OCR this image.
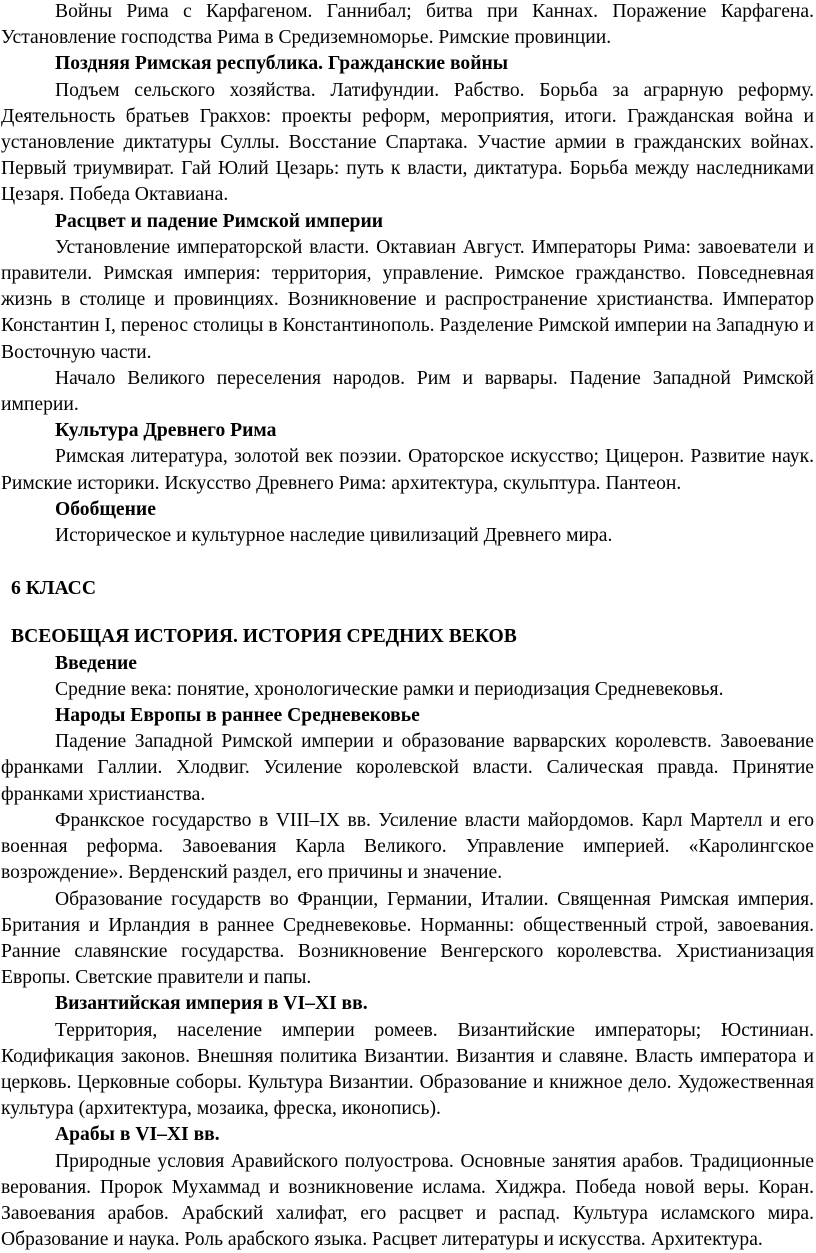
Войны Рима с Карфагеном. Ганнибал; битва при Каннах. Поражение Карфагена. Установление господства Рима в Средиземноморье. Римские провинции.

Поздняя Римская республика. Гражданские войны

Подъем сельского хозяйства. Латифундии. Рабство. Борьба за аграрную реформу. Деятельность братьев Гракхов: проекты реформ, мероприятия, итоги. Гражданская война и установление диктатуры Суллы. Восстание Спартака. Участие армии в гражданских войнах. Первый триумвират. Гай Юлий Цезарь: путь к власти, диктатура. Борьба между наследниками Цезаря. Победа Октавиана.

Расцвет и падение Римской империи

Установление императорской власти. Октавиан Август. Императоры Рима: завоеватели и правители. Римская империя: территория, управление. Римское гражданство. Повседневная жизнь в столице и провинциях. Возникновение и распространение христианства. Император Константин I, перенос столицы в Константинополь. Разделение Римской империи на Западную и Восточную части.

Начало Великого переселения народов. Рим и варвары. Падение Западной Римской империи.

Культура Древнего Рима

Римская литература, золотой век поэзии. Ораторское искусство; Цицерон. Развитие наук. Римские историки. Искусство Древнего Рима: архитектура, скульптура. Пантеон.

Обобщение

Историческое и культурное наследие цивилизаций Древнего мира.

6 КЛАСС
ВСЕОБЩАЯ ИСТОРИЯ. ИСТОРИЯ СРЕДНИХ ВЕКОВ
Введение

Средние века: понятие, хронологические рамки и периодизация Средневековья.

Народы Европы в раннее Средневековье

Падение Западной Римской империи и образование варварских королевств. Завоевание франками Галлии. Хлодвиг. Усиление королевской власти. Салическая правда. Принятие франками христианства.

Франкское государство в VIII–IX вв. Усиление власти майордомов. Карл Мартелл и его военная реформа. Завоевания Карла Великого. Управление империей. «Каролингское возрождение». Верденский раздел, его причины и значение.

Образование государств во Франции, Германии, Италии. Священная Римская империя. Британия и Ирландия в раннее Средневековье. Норманны: общественный строй, завоевания. Ранние славянские государства. Возникновение Венгерского королевства. Христианизация Европы. Светские правители и папы.

Византийская империя в VI–XI вв.

Территория, население империи ромеев. Византийские императоры; Юстиниан. Кодификация законов. Внешняя политика Византии. Византия и славяне. Власть императора и церковь. Церковные соборы. Культура Византии. Образование и книжное дело. Художественная культура (архитектура, мозаика, фреска, иконопись).

Арабы в VI–XI вв.

Природные условия Аравийского полуострова. Основные занятия арабов. Традиционные верования. Пророк Мухаммад и возникновение ислама. Хиджра. Победа новой веры. Коран. Завоевания арабов. Арабский халифат, его расцвет и распад. Культура исламского мира. Образование и наука. Роль арабского языка. Расцвет литературы и искусства. Архитектура.
